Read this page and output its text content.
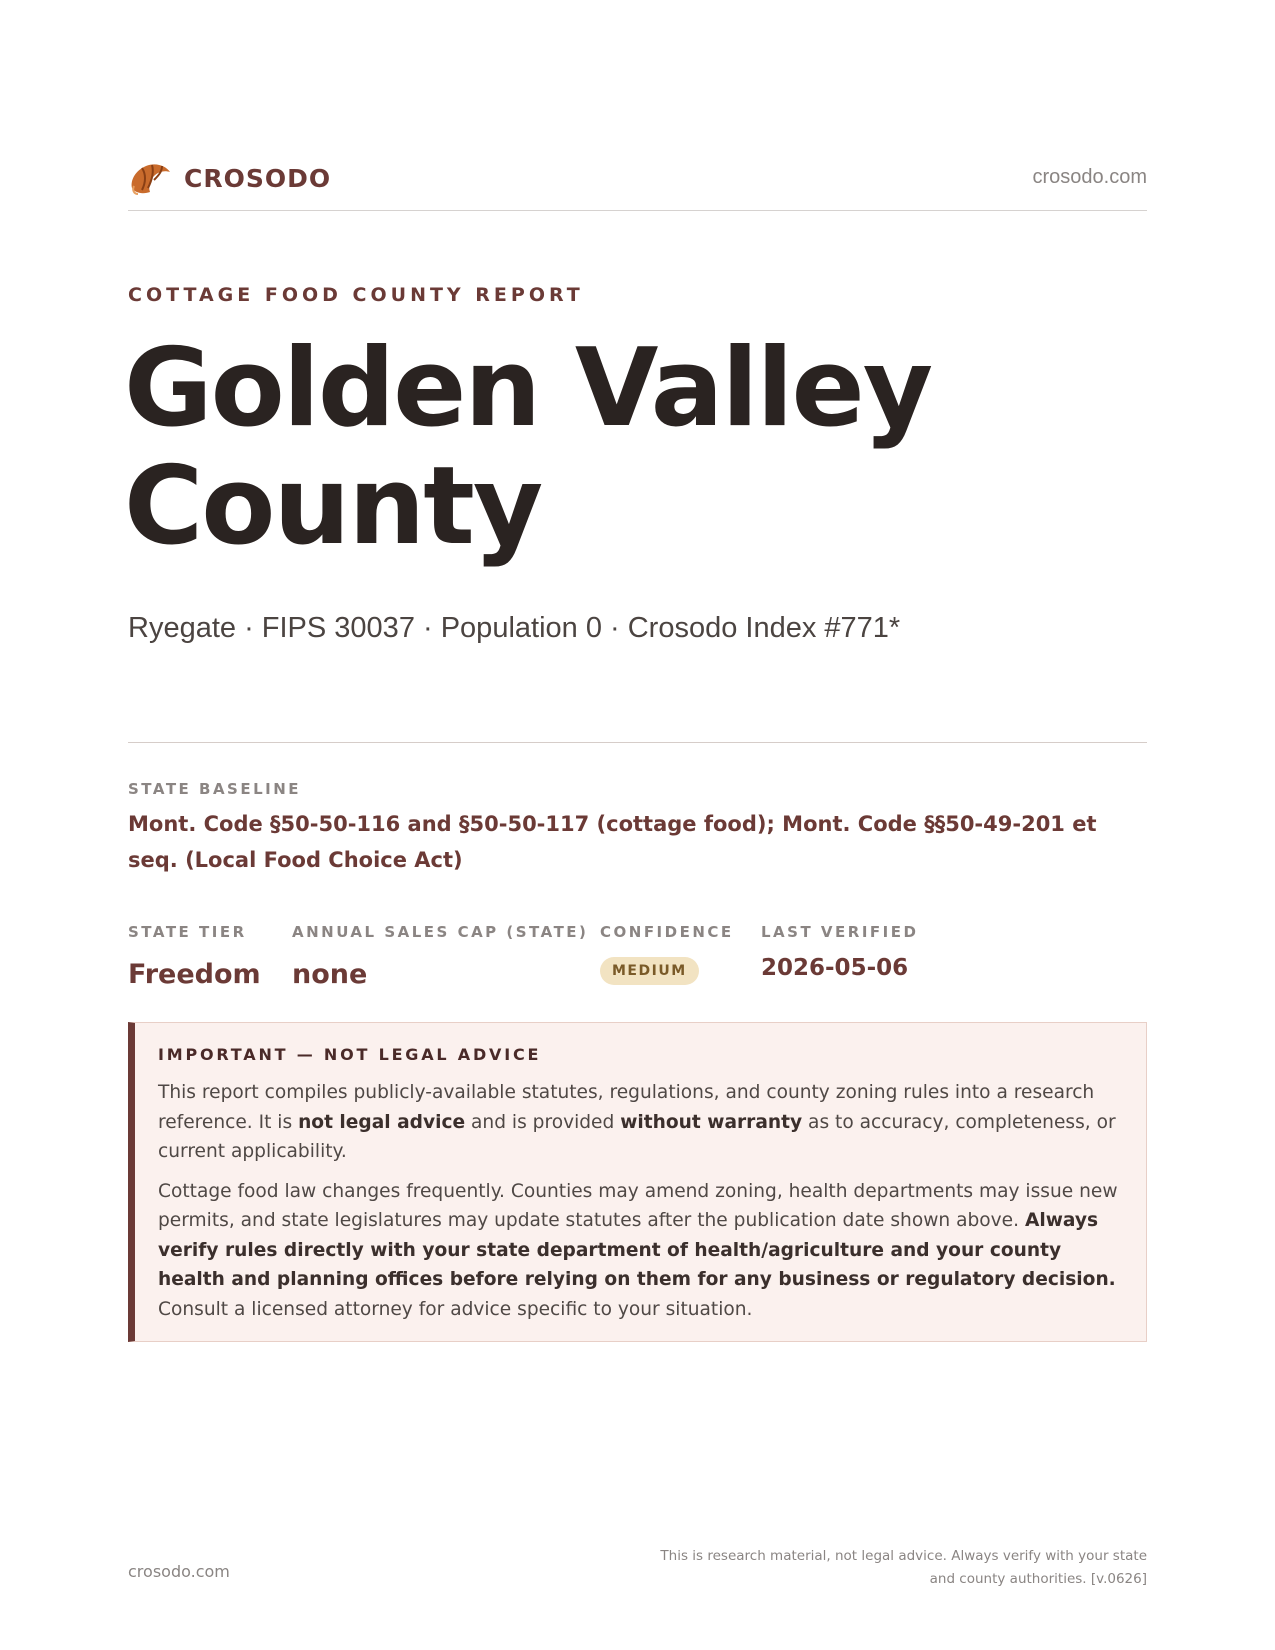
CROSODO	crosodo.com
COTTAGE FOOD COUNTY REPORT
Golden Valley
County
Ryegate · FIPS 30037 · Population 0 · Crosodo Index #771*
STATE BASELINE
Mont. Code §50-50-116 and §50-50-117 (cottage food); Mont. Code §§50-49-201 et seq. (Local Food Choice Act)
STATE TIER
Freedom
ANNUAL SALES CAP (STATE)
none
CONFIDENCE
MEDIUM
LAST VERIFIED
2026-05-06
IMPORTANT — NOT LEGAL ADVICE

This report compiles publicly-available statutes, regulations, and county zoning rules into a research reference. It is not legal advice and is provided without warranty as to accuracy, completeness, or current applicability.

Cottage food law changes frequently. Counties may amend zoning, health departments may issue new permits, and state legislatures may update statutes after the publication date shown above. Always verify rules directly with your state department of health/agriculture and your county health and planning offices before relying on them for any business or regulatory decision. Consult a licensed attorney for advice specific to your situation.

crosodo.com
This is research material, not legal advice. Always verify with your state
and county authorities. [v.0626]
